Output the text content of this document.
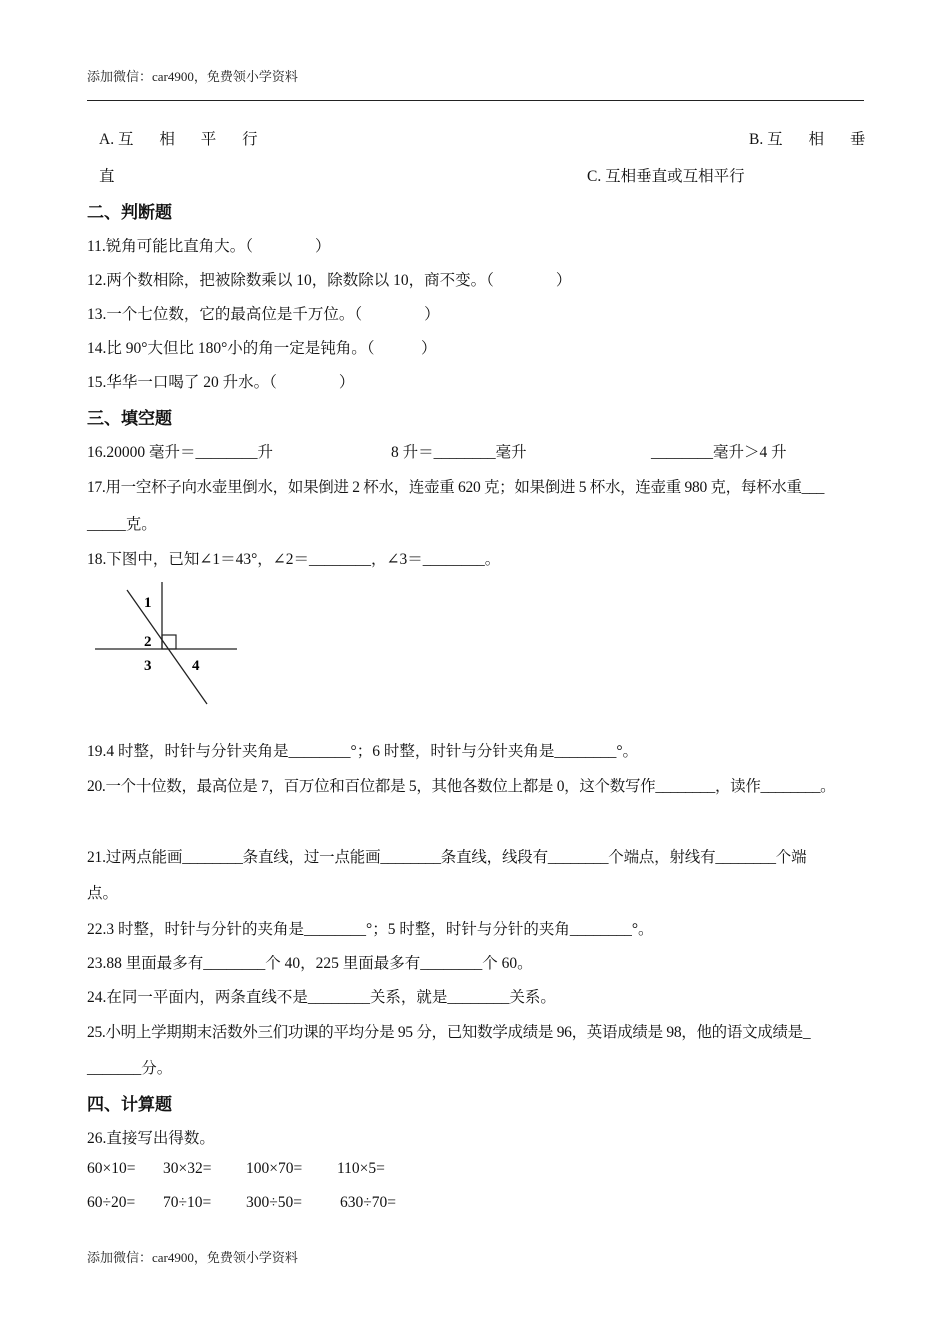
添加微信：car4900，免费领小学资料
A. 互 相 平 行	B. 互 相 垂
直	C. 互相垂直或互相平行
二、判断题
11.锐角可能比直角大。（　　　　）
12.两个数相除，把被除数乘以 10，除数除以 10，商不变。（　　　　）
13.一个七位数，它的最高位是千万位。（　　　　）
14.比 90°大但比 180°小的角一定是钝角。（　　　）
15.华华一口喝了 20 升水。（　　　　）
三、填空题
16.20000 毫升＝________升	8 升＝________毫升	________毫升＞4 升
17.用一空杯子向水壶里倒水，如果倒进 2 杯水，连壶重 620 克；如果倒进 5 杯水，连壶重 980 克，每杯水重___
_____克。
18.下图中，已知∠1＝43°，∠2＝________，∠3＝________。
1
2
3	4
19.4 时整，时针与分针夹角是________°；6 时整，时针与分针夹角是________°。
20.一个十位数，最高位是 7，百万位和百位都是 5，其他各数位上都是 0，这个数写作________，读作________。
21.过两点能画________条直线，过一点能画________条直线，线段有________个端点，射线有________个端
点。
22.3 时整，时针与分针的夹角是________°；5 时整，时针与分针的夹角________°。
23.88 里面最多有________个 40，225 里面最多有________个 60。
24.在同一平面内，两条直线不是________关系，就是________关系。
25.小明上学期期末活数外三们功课的平均分是 95 分，已知数学成绩是 96，英语成绩是 98，他的语文成绩是_
_______分。
四、计算题
26.直接写出得数。
60×10= 30×32= 100×70= 110×5=
60÷20= 70÷10= 300÷50= 630÷70=
添加微信：car4900，免费领小学资料
